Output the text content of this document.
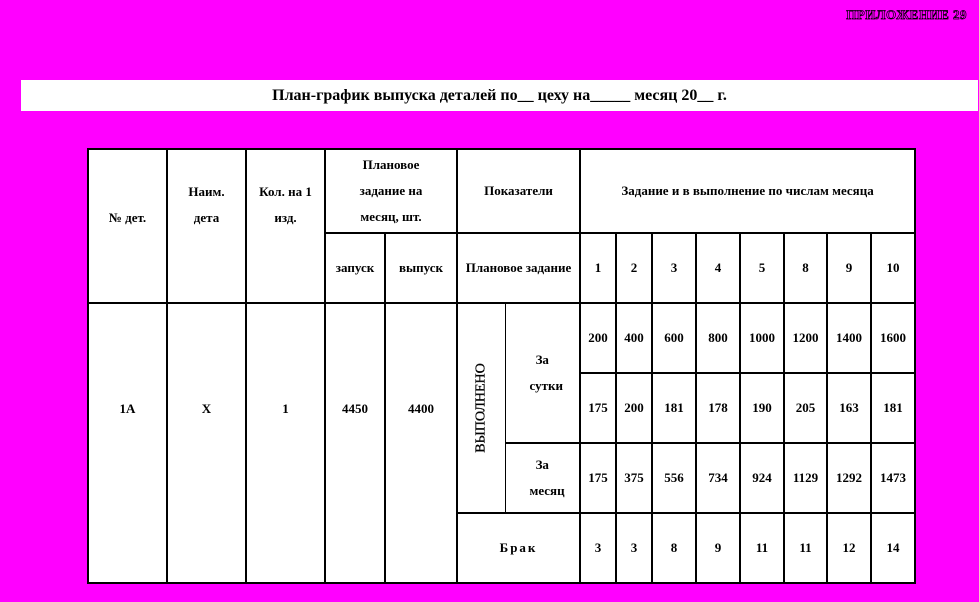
ПРИЛОЖЕНИЕ 29
План-график выпуска деталей по__ цеху на_____ месяц 20__ г.
№ дет.	Наим. дета	Кол. на 1 изд.	Плановое задание на месяц, шт.		Показатели		Задание и в выполнение по числам месяца							
			запуск	выпуск	Плановое задание		1	2	3	4	5	8	9	10
1А	Х	1	4450	4400	ВЫПОЛНЕНО	За сутки	200	400	600	800	1000	1200	1400	1600
							175	200	181	178	190	205	163	181
						За месяц	175	375	556	734	924	1129	1292	1473
					Брак		3	3	8	9	11	11	12	14
